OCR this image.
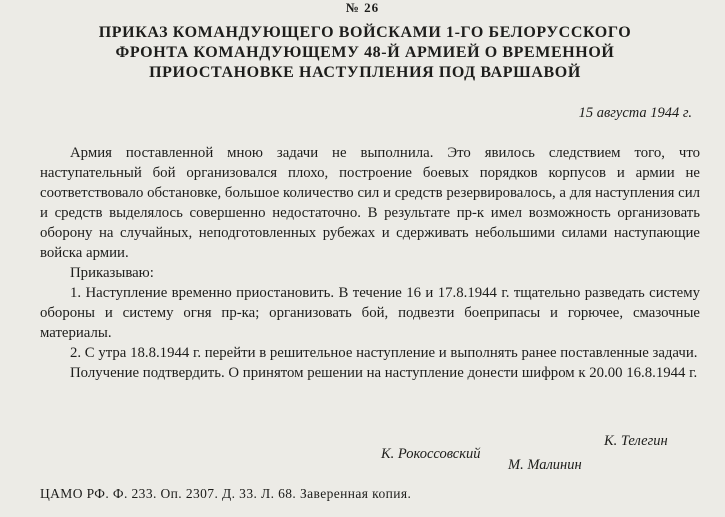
№ 26
ПРИКАЗ КОМАНДУЮЩЕГО ВОЙСКАМИ 1-ГО БЕЛОРУССКОГО ФРОНТА КОМАНДУЮЩЕМУ 48-Й АРМИЕЙ О ВРЕМЕННОЙ ПРИОСТАНОВКЕ НАСТУПЛЕНИЯ ПОД ВАРШАВОЙ
15 августа 1944 г.

Армия поставленной мною задачи не выполнила. Это явилось следствием того, что наступательный бой организовался плохо, построение боевых порядков корпусов и армии не соответствовало обстановке, большое количество сил и средств резервировалось, а для наступления сил и средств выделялось совершенно недостаточно. В результате пр-к имел возможность организовать оборону на случайных, неподготовленных рубежах и сдерживать небольшими силами наступающие войска армии.

Приказываю:

1. Наступление временно приостановить. В течение 16 и 17.8.1944 г. тщательно разведать систему обороны и систему огня пр-ка; организовать бой, подвезти боеприпасы и горючее, смазочные материалы.

2. С утра 18.8.1944 г. перейти в решительное наступление и выполнять ранее поставленные задачи.

Получение подтвердить. О принятом решении на наступление донести шифром к 20.00 16.8.1944 г.

К. Рокоссовский
К. Телегин
М. Малинин
ЦАМО РФ. Ф. 233. Оп. 2307. Д. 33. Л. 68. Заверенная копия.
